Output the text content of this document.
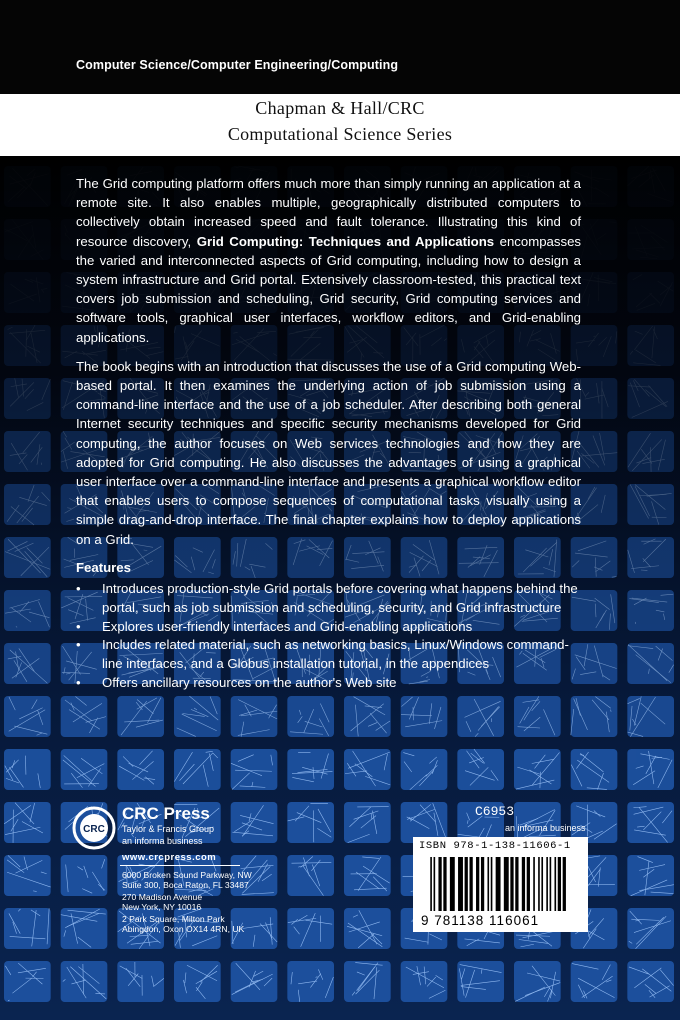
Computer Science/Computer Engineering/Computing
Chapman & Hall/CRC
Computational Science Series

The Grid computing platform offers much more than simply running an application at a remote site. It also enables multiple, geographically distributed computers to collectively obtain increased speed and fault tolerance. Illustrating this kind of resource discovery, Grid Computing: Techniques and Applications encompasses the varied and interconnected aspects of Grid computing, including how to design a system infrastructure and Grid portal. Extensively classroom-tested, this practical text covers job submission and scheduling, Grid security, Grid computing services and software tools, graphical user interfaces, workflow editors, and Grid-enabling applications.

The book begins with an introduction that discusses the use of a Grid computing Web-based portal. It then examines the underlying action of job submission using a command-line interface and the use of a job scheduler. After describing both general Internet security techniques and specific security mechanisms developed for Grid computing, the author focuses on Web services technologies and how they are adopted for Grid computing. He also discusses the advantages of using a graphical user interface over a command-line interface and presents a graphical workflow editor that enables users to compose sequences of computational tasks visually using a simple drag-and-drop interface. The final chapter explains how to deploy applications on a Grid.

Features
• Introduces production-style Grid portals before covering what happens behind the portal, such as job submission and scheduling, security, and Grid infrastructure
• Explores user-friendly interfaces and Grid-enabling applications
• Includes related material, such as networking basics, Linux/Windows command-line interfaces, and a Globus installation tutorial, in the appendices
• Offers ancillary resources on the author's Web site
CRC
CRC Press
Taylor & Francis Group
an informa business
www.crcpress.com
6000 Broken Sound Parkway, NW
Suite 300, Boca Raton, FL 33487
270 Madison Avenue
New York, NY 10016
2 Park Square, Milton Park
Abingdon, Oxon OX14 4RN, UK
C6953
an informa business
ISBN 978-1-138-11606-1
9 781138 116061
